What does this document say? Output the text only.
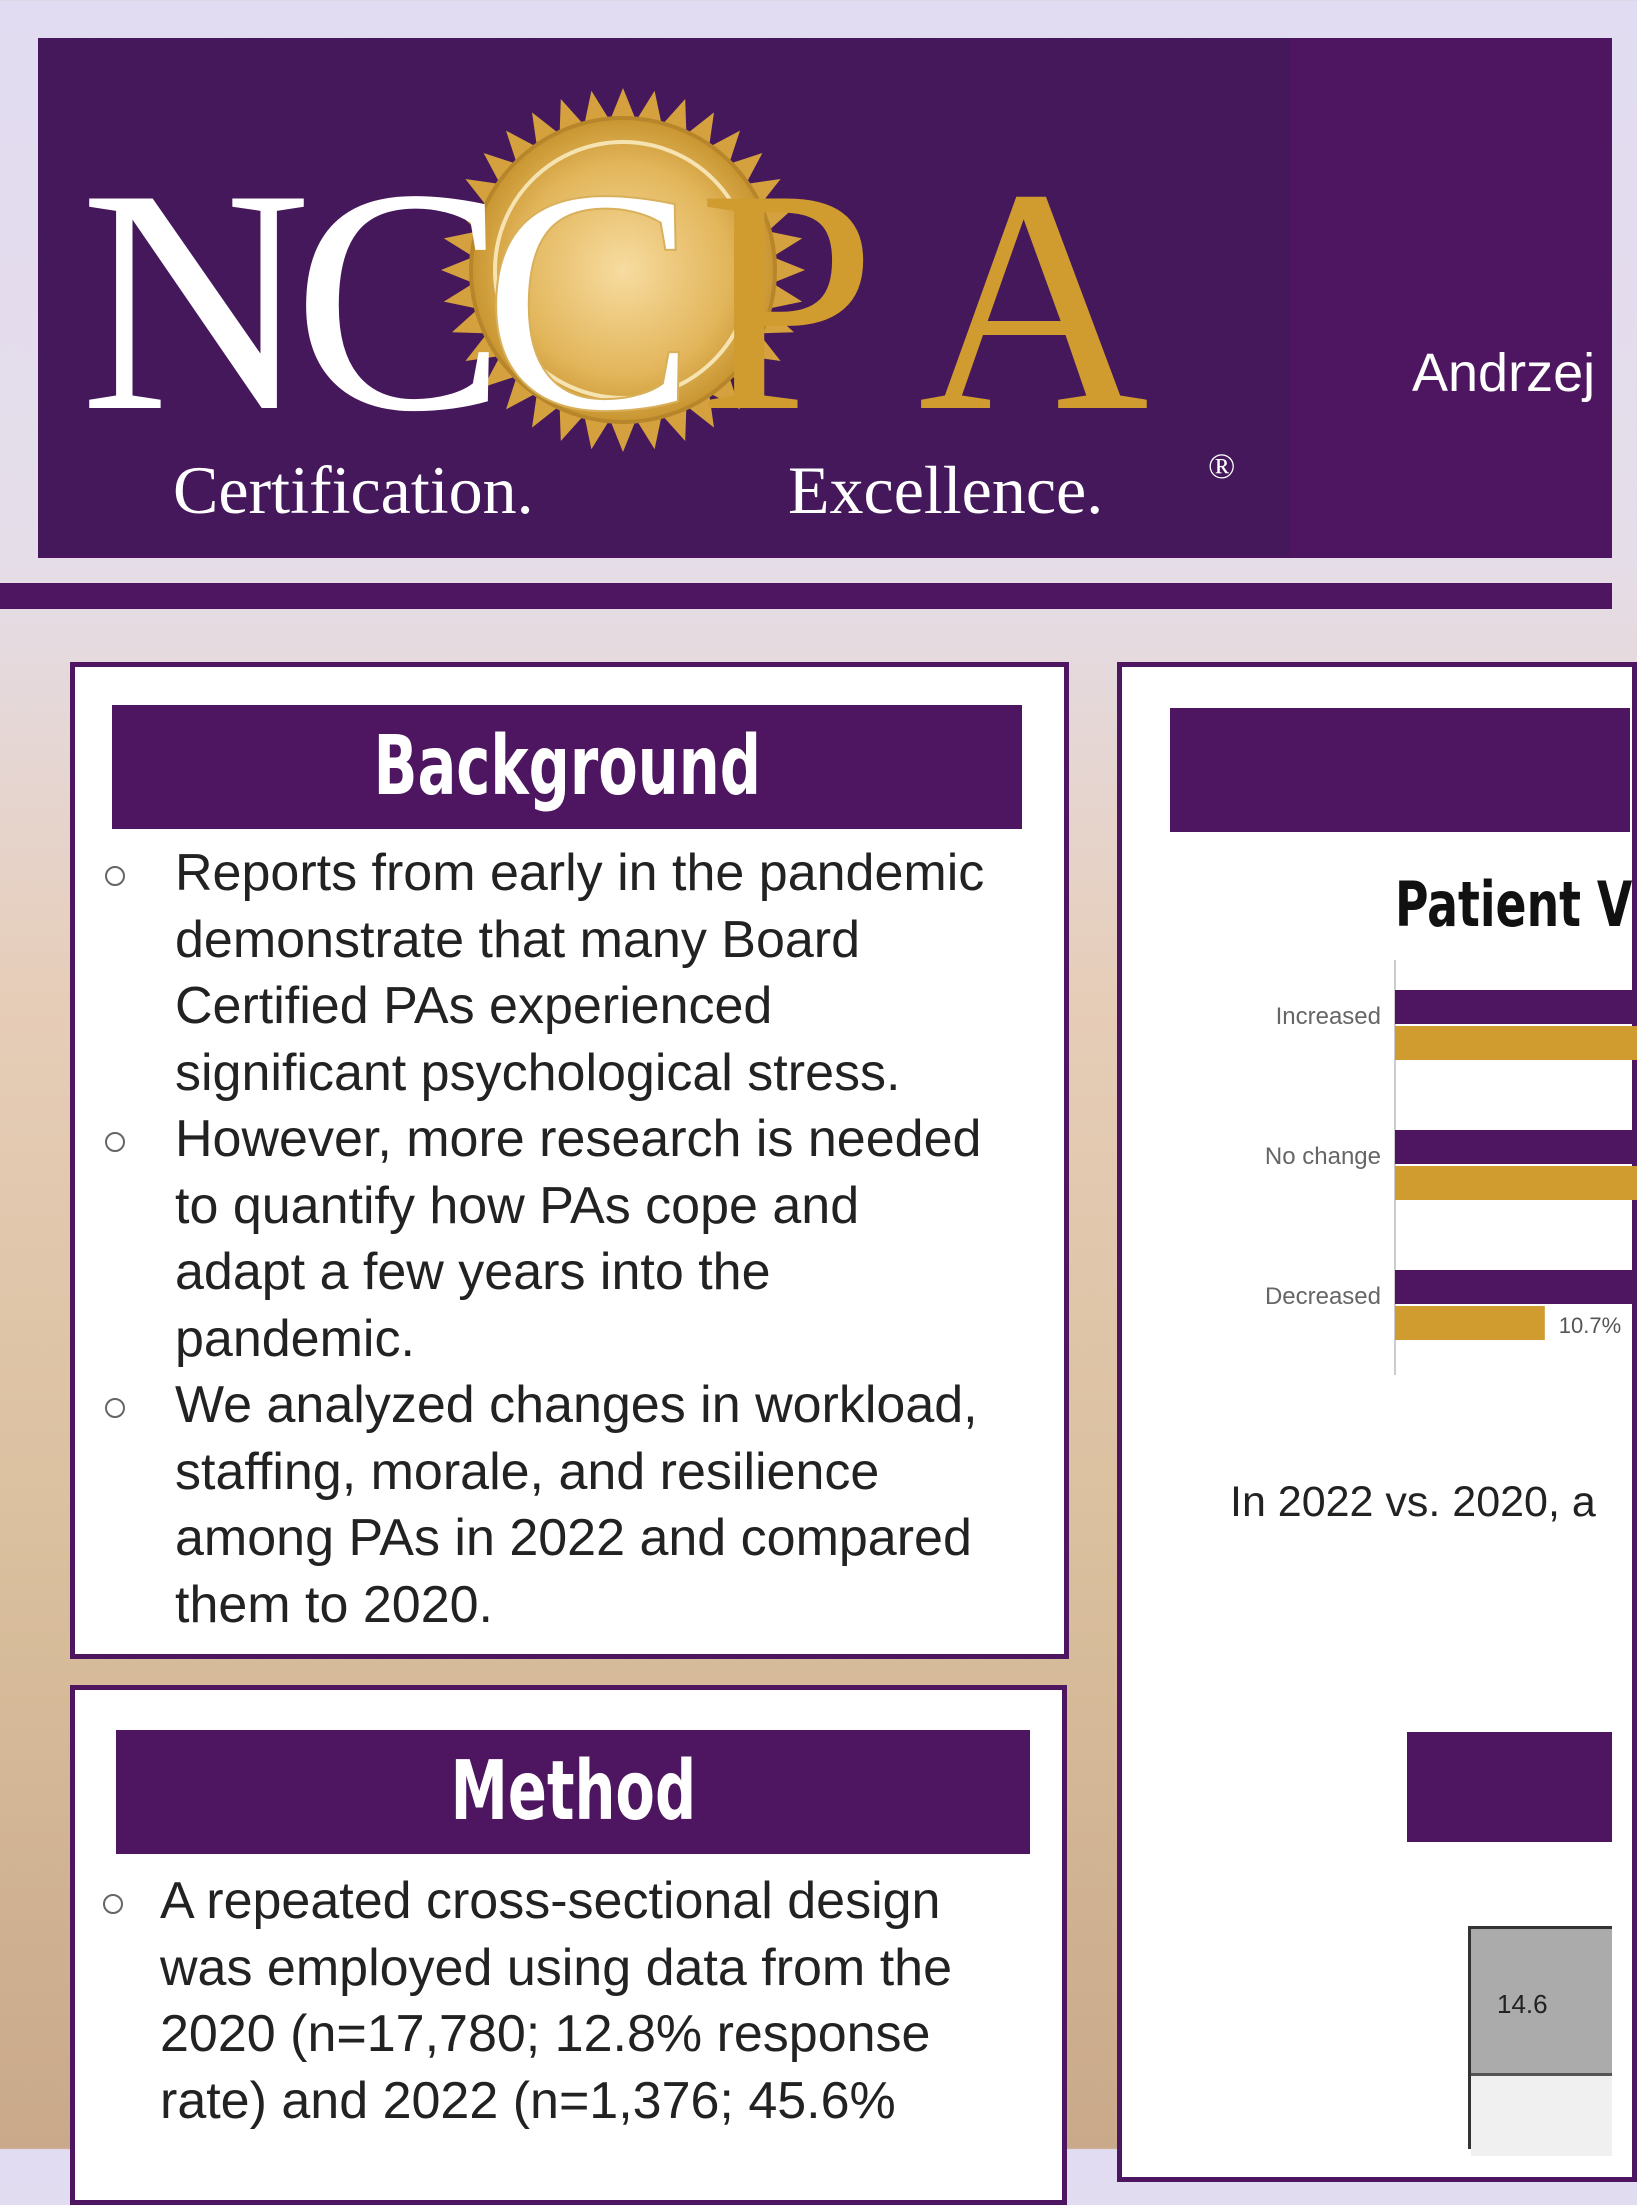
N
C
C P A
Certification.	Excellence.	®
Andrzej
Background
Reports from early in the pandemic
demonstrate that many Board
Certified PAs experienced
significant psychological stress.
However, more research is needed
to quantify how PAs cope and
adapt a few years into the
pandemic.
We analyzed changes in workload,
staffing, morale, and resilience
among PAs in 2022 and compared
them to 2020.
Method
A repeated cross-sectional design
was employed using data from the
2020 (n=17,780; 12.8% response
rate) and 2022 (n=1,376; 45.6%
Patient V
Increased
No change
Decreased
10.7%
In 2022 vs. 2020, a
14.6
